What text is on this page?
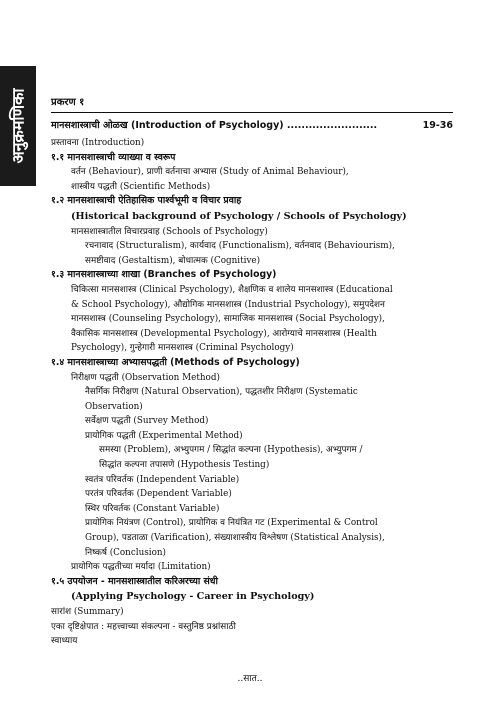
अनुक्रमणिका प्रकरण १
मानसशास्त्राची ओळख (Introduction of Psychology) .........................	19-36
प्रस्तावना (Introduction)
१.१ मानसशास्त्राची व्याख्या व स्वरूप
वर्तन (Behaviour), प्राणी वर्तनाचा अभ्यास (Study of Animal Behaviour),
शास्त्रीय पद्धती (Scientific Methods)
१.२ मानसशास्त्राची ऐतिहासिक पार्श्वभूमी व विचार प्रवाह
(Historical background of Psychology / Schools of Psychology)
मानसशास्त्रातील विचारप्रवाह (Schools of Psychology)
रचनावाद (Structuralism), कार्यवाद (Functionalism), वर्तनवाद (Behaviourism),
समष्टीवाद (Gestaltism), बोधात्मक (Cognitive)
१.३ मानसशास्त्राच्या शाखा (Branches of Psychology)
चिकित्सा मानसशास्त्र (Clinical Psychology), शैक्षणिक व शालेय मानसशास्त्र (Educational
& School Psychology), औद्योगिक मानसशास्त्र (Industrial Psychology), समुपदेशन
मानसशास्त्र (Counseling Psychology), सामाजिक मानसशास्त्र (Social Psychology),
वैकासिक मानसशास्त्र (Developmental Psychology), आरोग्याचे मानसशास्त्र (Health
Psychology), गुन्हेगारी मानसशास्त्र (Criminal Psychology)
१.४ मानसशास्त्राच्या अभ्यासपद्धती (Methods of Psychology)
निरीक्षण पद्धती (Observation Method)
नैसर्गिक निरीक्षण (Natural Observation), पद्धतशीर निरीक्षण (Systematic
Observation)
सर्वेक्षण पद्धती (Survey Method)
प्रायोगिक पद्धती (Experimental Method)
समस्या (Problem), अभ्युपगम / सिद्धांत कल्पना (Hypothesis), अभ्युपगम /
सिद्धांत कल्पना तपासणे (Hypothesis Testing)
स्वतंत्र परिवर्तक (Independent Variable)
परतंत्र परिवर्तक (Dependent Variable)
स्थिर परिवर्तक (Constant Variable)
प्रायोगिक नियंत्रण (Control), प्रायोगिक व नियंत्रित गट (Experimental & Control
Group), पडताळा (Varification), संख्याशास्त्रीय विश्लेषण (Statistical Analysis),
निष्कर्ष (Conclusion)
प्रायोगिक पद्धतीच्या मर्यादा (Limitation)
१.५ उपयोजन - मानसशास्त्रातील करिअरच्या संधी
(Applying Psychology - Career in Psychology)
सारांश (Summary)
एका दृष्टिक्षेपात : महत्त्वाच्या संकल्पना - वस्तुनिष्ठ प्रश्नांसाठी
स्वाध्याय
..सात..
